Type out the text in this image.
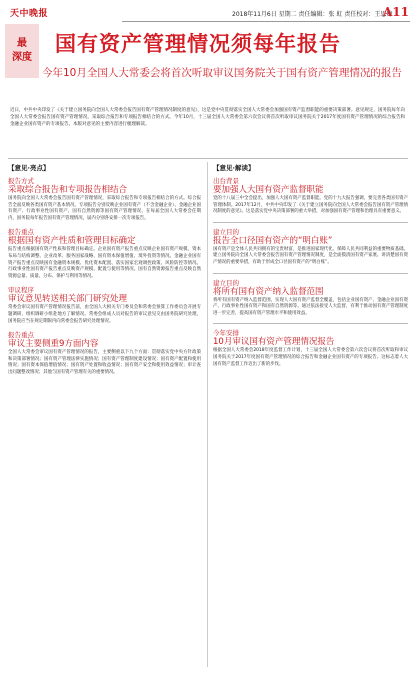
天中晚报	2018年11月6日 星期二 责任编辑：张 虹 责任校对：王思婷
A11
最
深度
国有资产管理情况须每年报告
今年10月全国人大常委会将首次听取审议国务院关于国有资产管理情况的报告
近日，中共中央印发了《关于建立国务院向全国人大常委会报告国有资产管理情况制度的意见》，这是党中央贯彻落实全国人大常委会加强国有资产监督职能的重要决策部署。意见规定，国务院每年向全国人大常委会报告国有资产管理情况，采取综合报告和专项报告相结合的方式。今年10月，十三届全国人大常委会第六次会议将首次听取审议国务院关于2017年度国有资产管理情况的综合报告和金融企业国有资产的专项报告。本版对意见的主要内容进行梳理解读。
【意见·亮点】
报告方式
采取综合报告和专项报告相结合
国务院向全国人大常委会报告国有资产管理情况，采取综合报告和专项报告相结合的方式。综合报告全面反映各类国有资产基本情况，专项报告分别反映企业国有资产（不含金融企业）、金融企业国有资产、行政事业性国有资产、国有自然资源等国有资产管理情况。在每届全国人大常委会任期内，国务院每年报告国有资产管理情况，届内分别各安排一次专项报告。
报告重点
根据国有资产性质和管理目标确定
报告重点根据国有资产性质和管理目标确定。企业国有资产报告重点反映企业国有资产规模、资本布局与结构调整、企业改革、服务国家战略、国有资本保值增值、境外投资等情况。金融企业国有资产报告重点反映国有金融资本规模、优化资本配置、落实国家宏观调控政策、风险防控等情况。行政事业性国有资产报告重点反映资产规模、配置与使用等情况。国有自然资源报告重点反映自然资源总量、质量、分布、保护与利用等情况。
审议程序
审议意见转送相关部门研究处理
常委会审议国有资产管理情况报告前，由全国人大相关专门委员会和常委会预算工作委员会开展专题调研，组织调研小组赴地方了解情况。常委会组成人员对报告的审议意见交由国务院研究处理，国务院应当在规定期限内向常委会报告研究处理情况。
报告重点
审议主要侧重9方面内容
全国人大常委会审议国有资产管理情况的报告，主要侧重以下九个方面：贯彻落实党中央方针政策和决策部署情况；国有资产管理法律实施情况；国有资产管理制度建设情况；国有资产配置和使用情况；国有资本保值增值情况；国有资产处置和收益情况；国有资产安全和使用效益情况；审计查出问题整改情况；其他与国有资产管理有关的重要情况。
【意见·解读】
出台背景
要加强人大国有资产监督职能
党的十八届三中全会提出，加强人大国有资产监督职能。党的十九大报告强调，要完善各类国有资产管理体制。2017年12月，中共中央印发了《关于建立国务院向全国人大常委会报告国有资产管理情况制度的意见》。这是落实党中央决策部署的重大举措，对加强国有资产管理和治理具有重要意义。
建立目的
报告全口径国有资产的“明白账”
国有资产是全体人民共同拥有的宝贵财富，是推进国家现代化、保障人民共同利益的重要物质基础。建立国务院向全国人大常委会报告国有资产管理情况制度，是全面摸清国有资产家底、讲清楚国有资产情况的重要举措，有助于形成全口径国有资产的“明白账”。
建立目的
将所有国有资产纳入监督范围
将所有国有资产纳入监督范围，实现人大国有资产监督全覆盖，包括企业国有资产、金融企业国有资产、行政事业性国有资产和国有自然资源等。通过依法接受人大监督，有利于推动国有资产管理制度进一步完善，提高国有资产管理水平和使用效益。
今年安排
10月审议国有资产管理情况报告
根据全国人大常委会2018年度监督工作计划，十三届全国人大常委会第六次会议将首次听取和审议国务院关于2017年度国有资产管理情况的综合报告和金融企业国有资产的专项报告。这标志着人大国有资产监督工作迈出了新的步伐。
